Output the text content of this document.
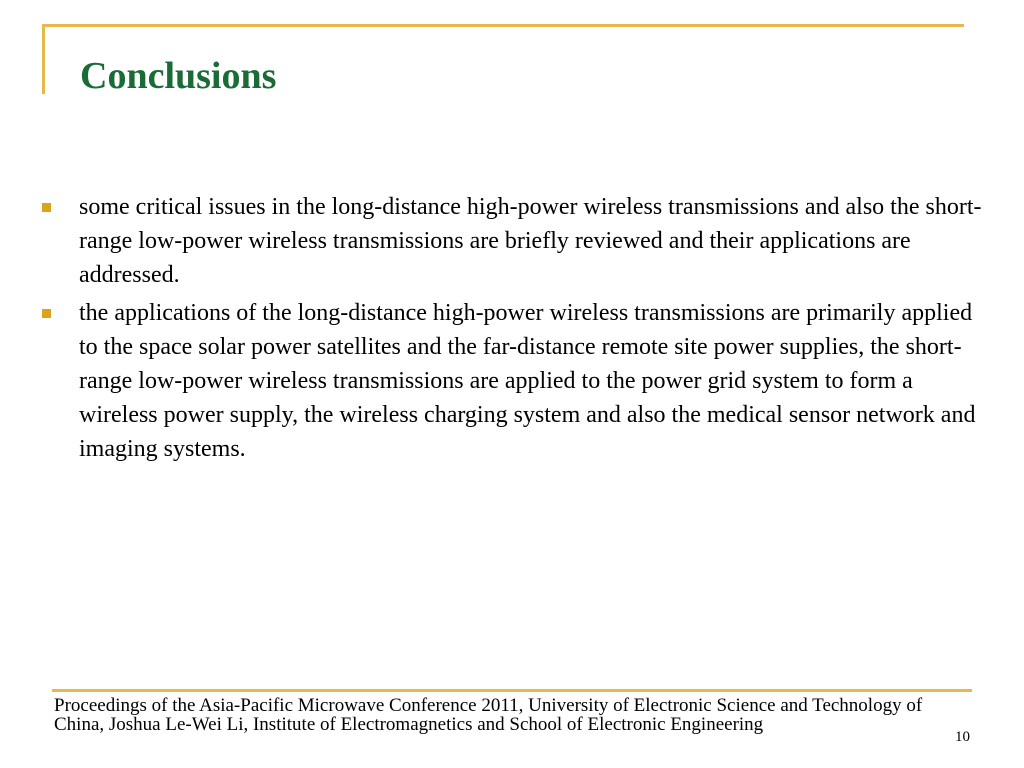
Conclusions
some critical issues in the long-distance high-power wireless transmissions and also the short-range low-power wireless transmissions are briefly reviewed and their applications are addressed.
the applications of the long-distance high-power wireless transmissions are primarily applied to the space solar power satellites and the far-distance remote site power supplies, the short-range low-power wireless transmissions are applied to the power grid system to form a wireless power supply, the wireless charging system and also the medical sensor network and imaging systems.
Proceedings of the Asia-Pacific Microwave Conference 2011, University of Electronic Science and Technology of China, Joshua Le-Wei Li, Institute of Electromagnetics and School of Electronic Engineering
10
